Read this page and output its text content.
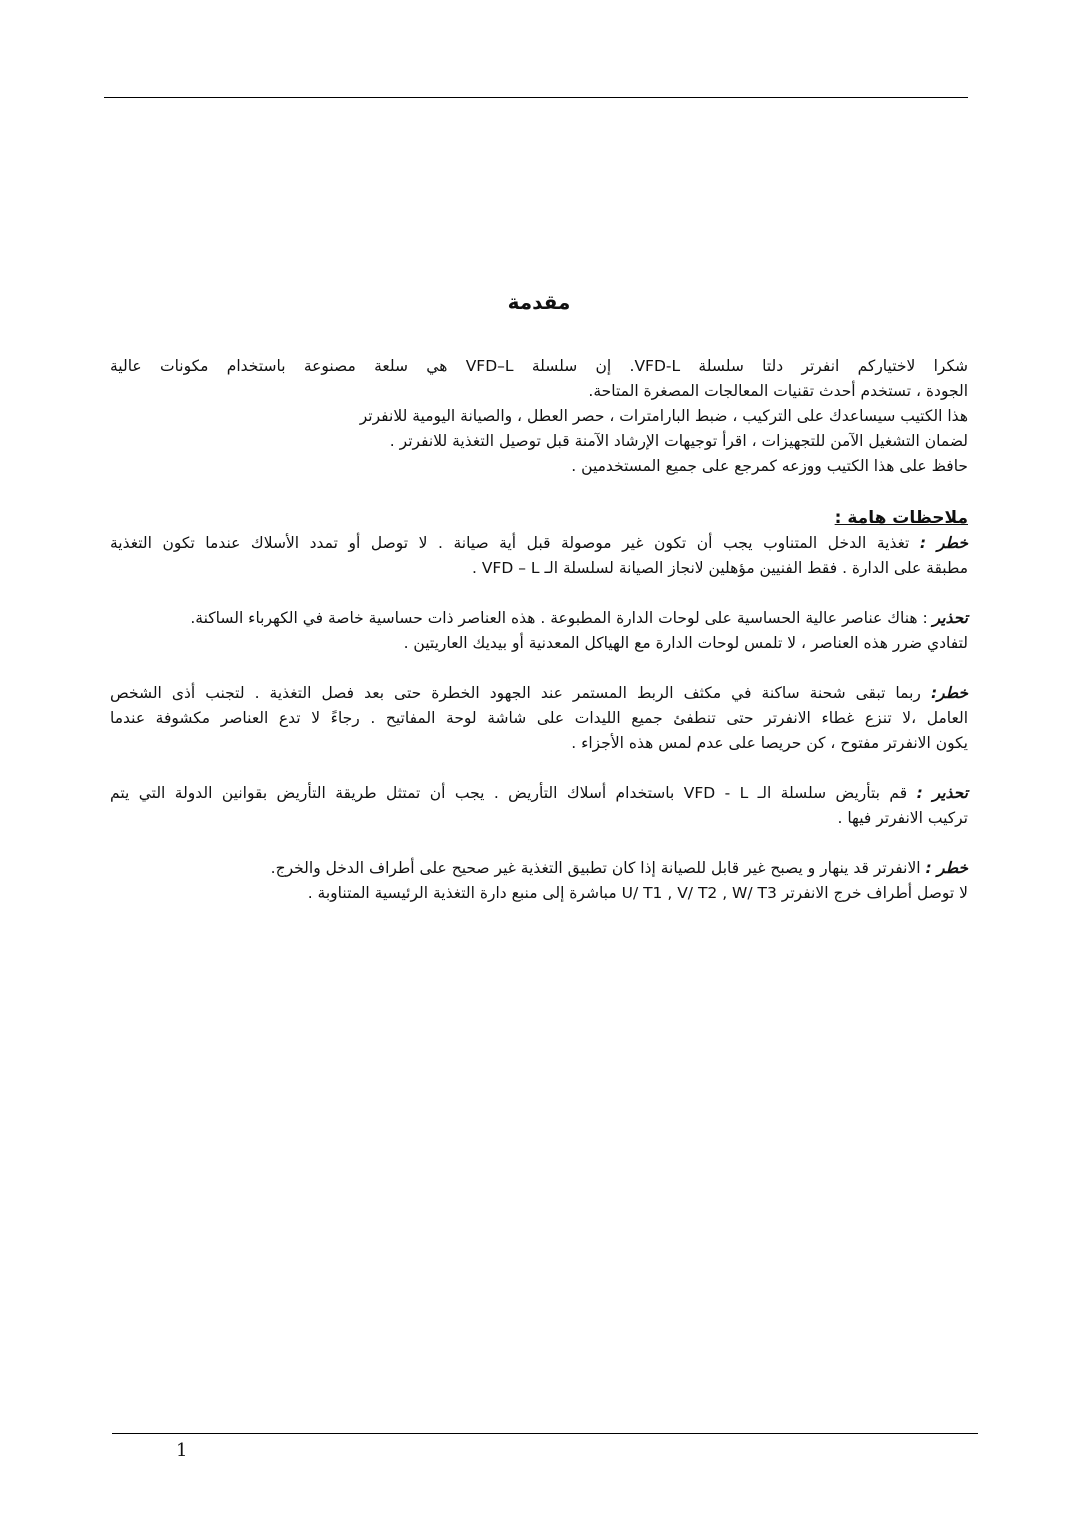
مقدمة
شكرا لاختياركم انفرتر دلتا سلسلة VFD-L. إن سلسلة VFD–L هي سلعة مصنوعة باستخدام مكونات عالية
الجودة ، تستخدم أحدث تقنيات المعالجات المصغرة المتاحة.
هذا الكتيب سيساعدك على التركيب ، ضبط البارامترات ، حصر العطل ، والصيانة اليومية للانفرتر
لضمان التشغيل الآمن للتجهيزات ، اقرأ توجيهات الإرشاد الآمنة قبل توصيل التغذية للانفرتر .
حافظ على هذا الكتيب ووزعه كمرجع على جميع المستخدمين .
ملاحظات هامة :
خطر : تغذية الدخل المتناوب يجب أن تكون غير موصولة قبل أية صيانة . لا توصل أو تمدد الأسلاك عندما تكون التغذية
مطبقة على الدارة . فقط الفنيين مؤهلين لانجاز الصيانة لسلسلة الـ VFD – L .
تحذير : هناك عناصر عالية الحساسية على لوحات الدارة المطبوعة . هذه العناصر ذات حساسية خاصة في الكهرباء الساكنة.
لتفادي ضرر هذه العناصر ، لا تلمس لوحات الدارة مع الهياكل المعدنية أو بيديك العاريتين .
خطر: ربما تبقى شحنة ساكنة في مكثف الربط المستمر عند الجهود الخطرة حتى بعد فصل التغذية . لتجنب أذى الشخص
العامل ،لا تنزع غطاء الانفرتر حتى تنطفئ جميع الليدات على شاشة لوحة المفاتيح . رجاءً لا تدع العناصر مكشوفة عندما
يكون الانفرتر مفتوح ، كن حريصا على عدم لمس هذه الأجزاء .
تحذير : قم بتأريض سلسلة الـ VFD - L باستخدام أسلاك التأريض . يجب أن تمتثل طريقة التأريض بقوانين الدولة التي يتم
تركيب الانفرتر فيها .
خطر : الانفرتر قد ينهار و يصبح غير قابل للصيانة إذا كان تطبيق التغذية غير صحيح على أطراف الدخل والخرج.
لا توصل أطراف خرج الانفرتر U/ T1 , V/ T2 , W/ T3 مباشرة إلى منبع دارة التغذية الرئيسية المتناوبة .
1
